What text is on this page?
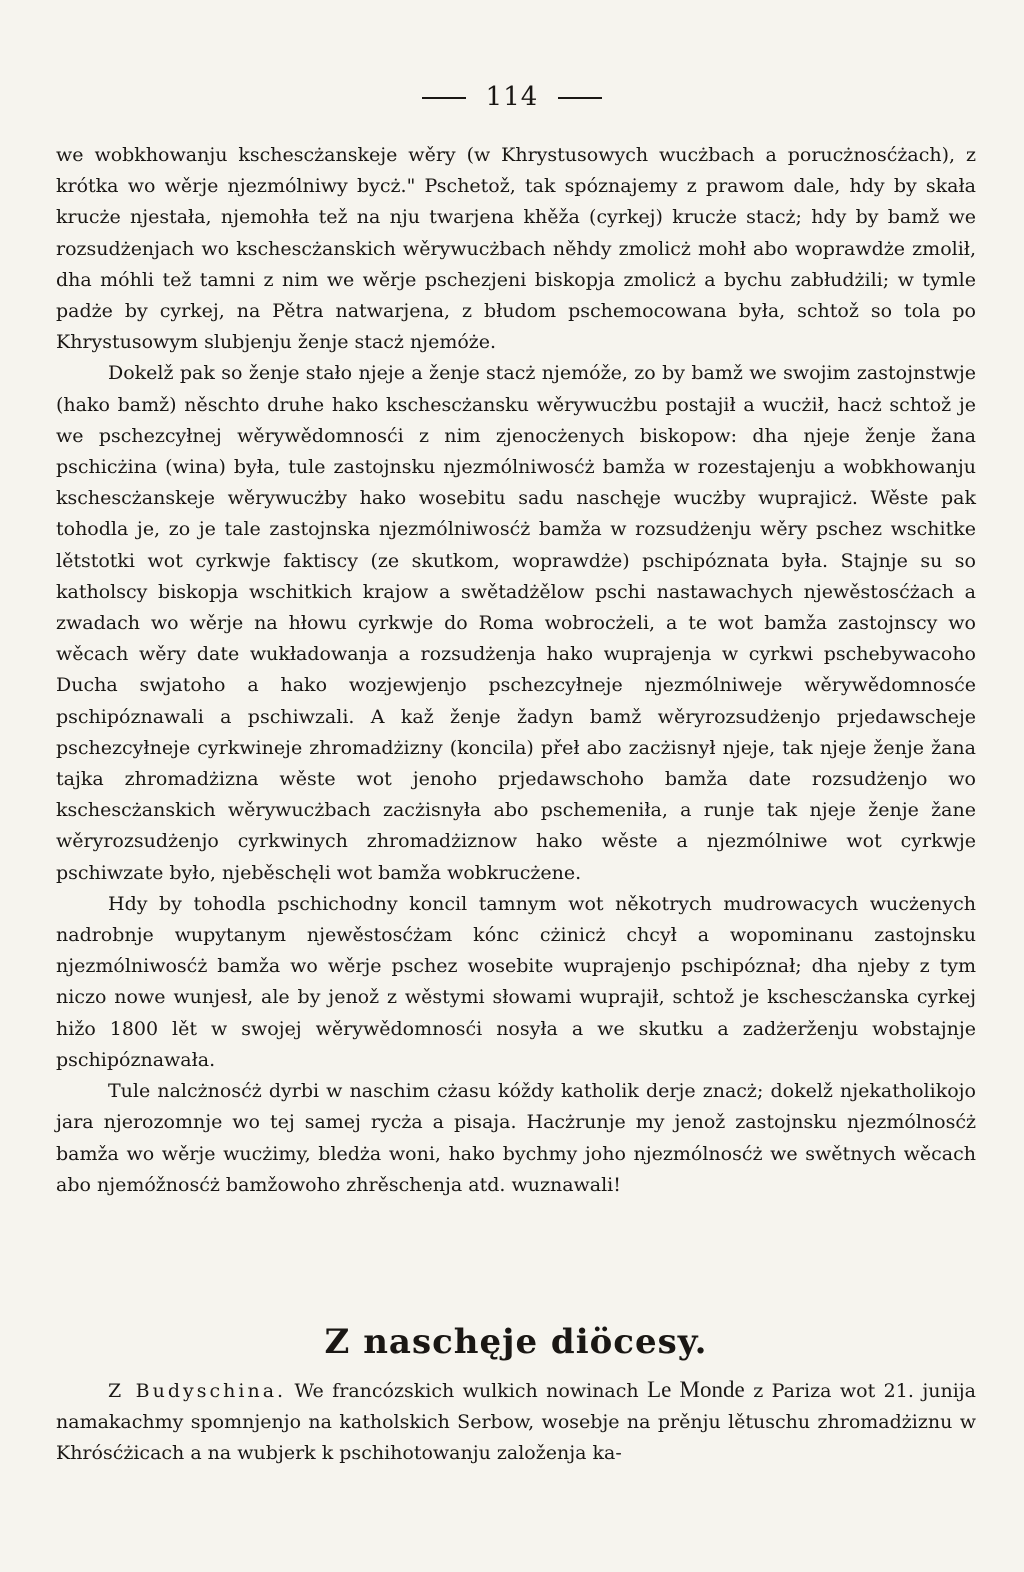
114

we wobkhowanju kschescżanskeje wěry (w Khrystusowych wucżbach a porucżnosćżach), z krótka wo wěrje njezmólniwy bycż." Pschetož, tak spóznajemy z prawom dale, hdy by skała krucże njestała, njemohła tež na nju twarjena khěža (cyrkej) krucże stacż; hdy by bamž we rozsudżenjach wo kschescżanskich wěrywucżbach něhdy zmolicż mohł abo woprawdże zmolił, dha móhli tež tamni z nim we wěrje pschezjeni biskopja zmolicż a bychu zabłudżili; w tymle padże by cyrkej, na Pětra natwarjena, z błudom pschemocowana była, schtož so tola po Khrystusowym slubjenju ženje stacż njemóże.

Dokelž pak so ženje stało njeje a ženje stacż njemóže, zo by bamž we swojim zastojnstwje (hako bamž) něschto druhe hako kschescżansku wěrywucżbu postajił a wucżił, hacż schtož je we pschezcyłnej wěrywědomnosći z nim zjenocżenych biskopow: dha njeje ženje žana pschicżina (wina) była, tule zastojnsku njezmólniwosćż bamža w rozestajenju a wobkhowanju kschescżanskeje wěrywucżby hako wosebitu sadu naschęje wucżby wuprajicż. Wěste pak tohodla je, zo je tale zastojnska njezmólniwosćż bamža w rozsudżenju wěry pschez wschitke lětstotki wot cyrkwje faktiscy (ze skutkom, woprawdże) pschipóznata była. Stajnje su so katholscy biskopja wschitkich krajow a swětadżělow pschi nastawachych njewěstosćżach a zwadach wo wěrje na hłowu cyrkwje do Roma wobrocżeli, a te wot bamža zastojnscy wo wěcach wěry date wukładowanja a rozsudżenja hako wuprajenja w cyrkwi pschebywacoho Ducha swjatoho a hako wozjewjenjo pschezcyłneje njezmólniweje wěrywědomnosće pschipóznawali a pschiwzali. A kaž ženje žadyn bamž wěryrozsudżenjo prjedawscheje pschezcyłneje cyrkwineje zhromadżizny (koncila) přeł abo zacżisnył njeje, tak njeje ženje žana tajka zhromadżizna wěste wot jenoho prjedawschoho bamža date rozsudżenjo wo kschescżanskich wěrywucżbach zacżisnyła abo pschemeniła, a runje tak njeje ženje žane wěryrozsudżenjo cyrkwinych zhromadżiznow hako wěste a njezmólniwe wot cyrkwje pschiwzate było, njeběschęli wot bamža wobkrucżene.

Hdy by tohodla pschichodny koncil tamnym wot někotrych mudrowacych wucżenych nadrobnje wupytanym njewěstosćżam kónc cżinicż chcył a wopominanu zastojnsku njezmólniwosćż bamža wo wěrje pschez wosebite wuprajenjo pschipóznał; dha njeby z tym niczo nowe wunjesł, ale by jenož z wěstymi słowami wuprajił, schtož je kschescżanska cyrkej hižo 1800 lět w swojej wěrywědomnosći nosyła a we skutku a zadżerženju wobstajnje pschipóznawała.

Tule nalcżnosćż dyrbi w naschim cżasu kóždy katholik derje znacż; dokelž njekatholikojo jara njerozomnje wo tej samej rycża a pisaja. Hacżrunje my jenož zastojnsku njezmólnosćż bamža wo wěrje wucżimy, bledża woni, hako bychmy joho njezmólnosćż we swětnych wěcach abo njemóžnosćż bamžowoho zhrěschenja atd. wuznawali!

Z naschęje diöcesy.

Z Budyschina. We francózskich wulkich nowinach Le Monde z Pariza wot 21. junija namakachmy spomnjenjo na katholskich Serbow, wosebje na prěnju lětuschu zhromadżiznu w Khrósćżicach a na wubjerk k pschihotowanju založenja ka-
